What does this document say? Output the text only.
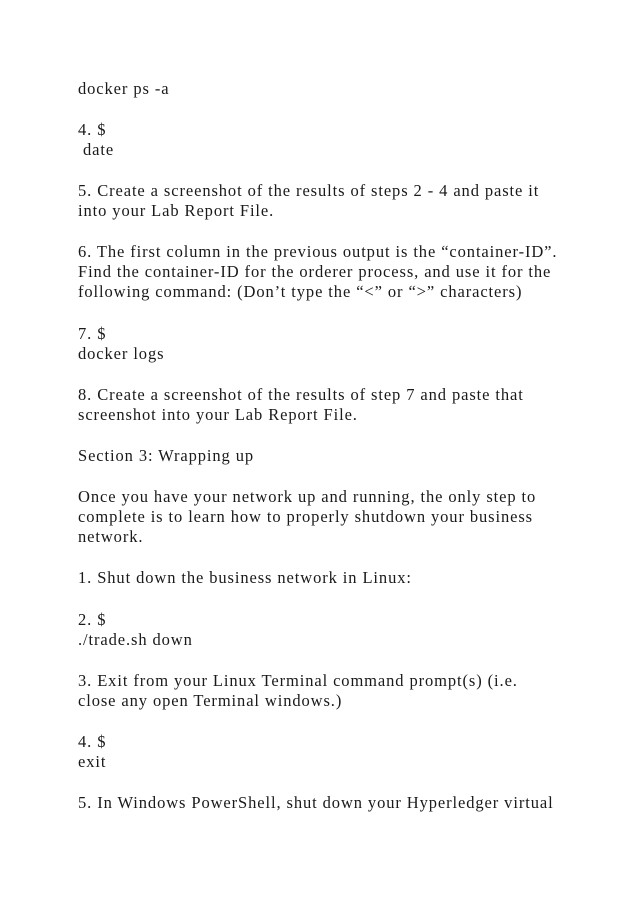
docker ps -a
4. $
date
5. Create a screenshot of the results of steps 2 - 4 and paste it
into your Lab Report File.
6. The first column in the previous output is the “container-ID”.
Find the container-ID for the orderer process, and use it for the
following command: (Don’t type the “<” or “>” characters)
7. $
docker logs
8. Create a screenshot of the results of step 7 and paste that
screenshot into your Lab Report File.
Section 3: Wrapping up
Once you have your network up and running, the only step to
complete is to learn how to properly shutdown your business
network.
1. Shut down the business network in Linux:
2. $
./trade.sh down
3. Exit from your Linux Terminal command prompt(s) (i.e.
close any open Terminal windows.)
4. $
exit
5. In Windows PowerShell, shut down your Hyperledger virtual
